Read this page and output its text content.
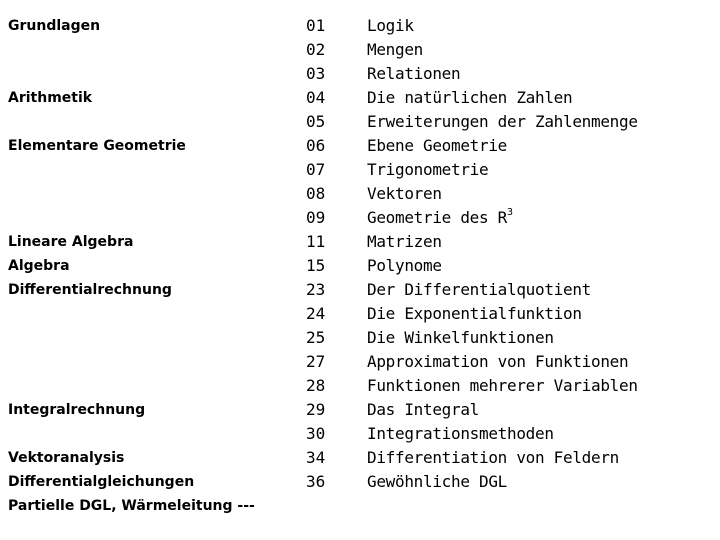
Grundlagen
Arithmetik
Elementare Geometrie
Lineare Algebra
Algebra
Differentialrechnung
Integralrechnung
Vektoranalysis
Differentialgleichungen
Partielle DGL, Wärmeleitung ---
01
02
03
04
05
06
07
08
09
11
15
23
24
25
27
28
29
30
34
36
Logik
Mengen
Relationen
Die natürlichen Zahlen
Erweiterungen der Zahlenmenge
Ebene Geometrie
Trigonometrie
Vektoren
Geometrie des $R^3$
Matrizen
Polynome
Der Differentialquotient
Die Exponentialfunktion
Die Winkelfunktionen
Approximation von Funktionen
Funktionen mehrerer Variablen
Das Integral
Integrationsmethoden
Differentiation von Feldern
Gewöhnliche DGL
